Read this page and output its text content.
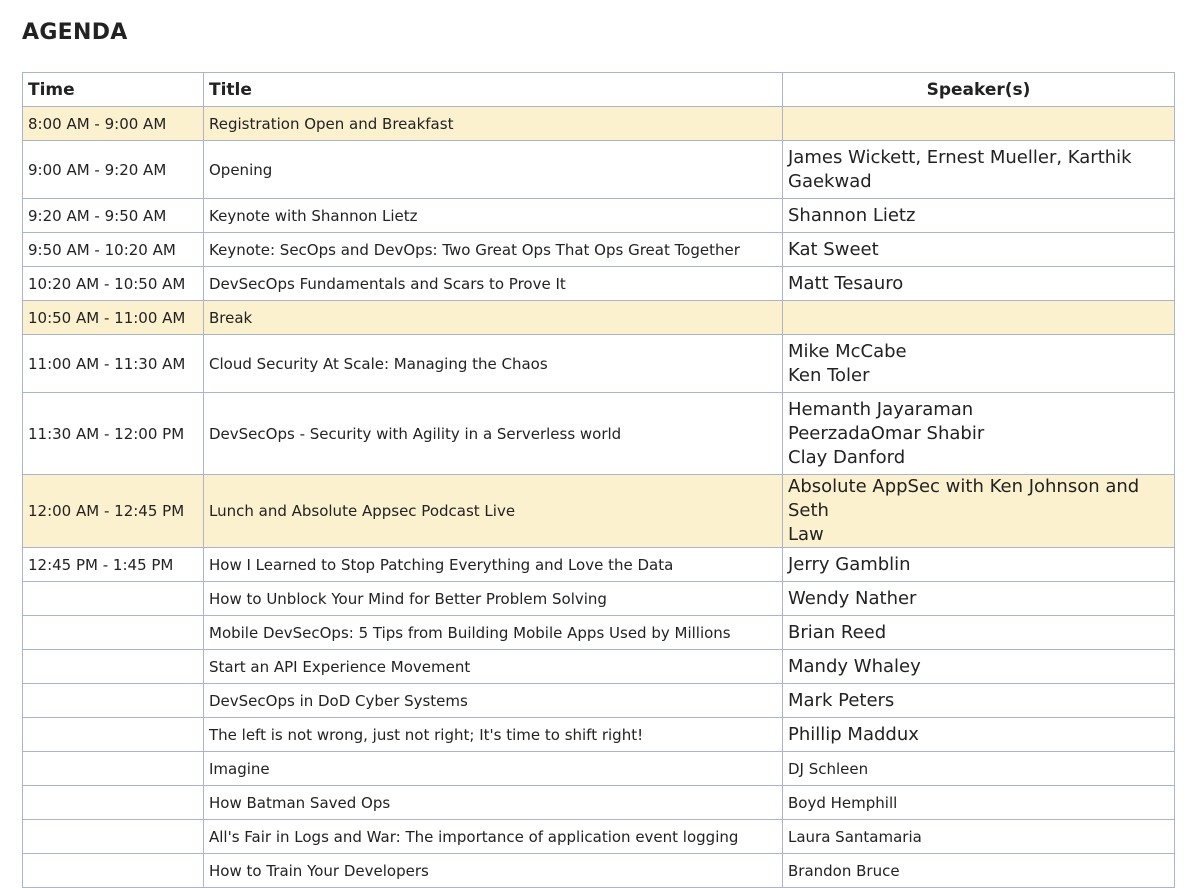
AGENDA
Time	Title	Speaker(s)
8:00 AM - 9:00 AM	Registration Open and Breakfast	
9:00 AM - 9:20 AM	Opening	James Wickett, Ernest Mueller, Karthik
Gaekwad

9:20 AM - 9:50 AM	Keynote with Shannon Lietz	Shannon Lietz

9:50 AM - 10:20 AM	Keynote: SecOps and DevOps: Two Great Ops That Ops Great Together	Kat Sweet

10:20 AM - 10:50 AM	DevSecOps Fundamentals and Scars to Prove It	Matt Tesauro

10:50 AM - 11:00 AM	Break	
11:00 AM - 11:30 AM	Cloud Security At Scale: Managing the Chaos	Mike McCabe
Ken Toler

11:30 AM - 12:00 PM	DevSecOps - Security with Agility in a Serverless world	Hemanth Jayaraman
PeerzadaOmar Shabir
Clay Danford

12:00 AM - 12:45 PM	Lunch and Absolute Appsec Podcast Live	Absolute AppSec with Ken Johnson and Seth
Law

12:45 PM - 1:45 PM	How I Learned to Stop Patching Everything and Love the Data	Jerry Gamblin

	How to Unblock Your Mind for Better Problem Solving	Wendy Nather

	Mobile DevSecOps: 5 Tips from Building Mobile Apps Used by Millions	Brian Reed

	Start an API Experience Movement	Mandy Whaley

	DevSecOps in DoD Cyber Systems	Mark Peters

	The left is not wrong, just not right; It's time to shift right!	Phillip Maddux

	Imagine	DJ Schleen

	How Batman Saved Ops	Boyd Hemphill

	All's Fair in Logs and War: The importance of application event logging	Laura Santamaria

	How to Train Your Developers	Brandon Bruce
